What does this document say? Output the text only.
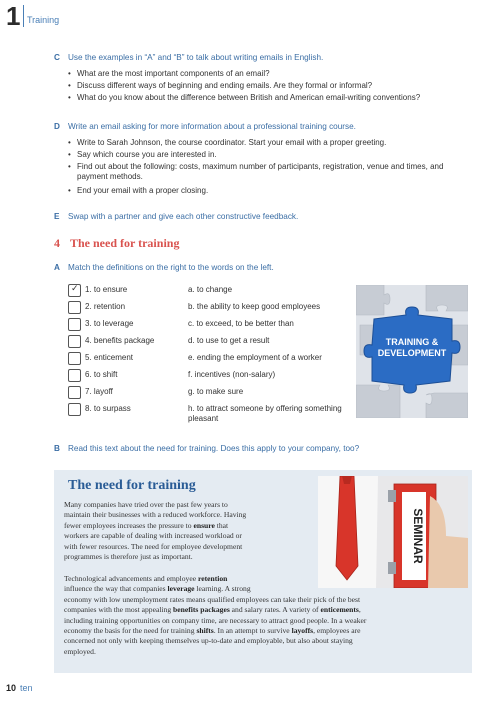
1 Training
C Use the examples in “A” and “B” to talk about writing emails in English.
• What are the most important components of an email?
• Discuss different ways of beginning and ending emails. Are they formal or informal?
• What do you know about the difference between British and American email-writing conventions?
D Write an email asking for more information about a professional training course.
• Write to Sarah Johnson, the course coordinator. Start your email with a proper greeting.
• Say which course you are interested in.
• Find out about the following: costs, maximum number of participants, registration, venue and times, and payment methods.
• End your email with a proper closing.
E Swap with a partner and give each other constructive feedback.
4 The need for training
A Match the definitions on the right to the words on the left.
✓
1. to ensure	a. to change
2. retention	b. the ability to keep good employees
3. to leverage	c. to exceed, to be better than
4. benefits package	d. to use to get a result
5. enticement	e. ending the employment of a worker
6. to shift	f. incentives (non-salary)
7. layoff	g. to make sure
8. to surpass	h. to attract someone by offering something pleasant
TRAINING &
DEVELOPMENT
B Read this text about the need for training. Does this apply to your company, too?
The need for training
SEMINAR
Many companies have tried over the past few years to
maintain their businesses with a reduced workforce. Having
fewer employees increases the pressure to ensure that
workers are capable of dealing with increased workload or
with fewer resources. The need for employee development
programmes is therefore just as important.
Technological advancements and employee retention
influence the way that companies leverage learning. A strong
economy with low unemployment rates means qualified employees can take their pick of the best
companies with the most appealing benefits packages and salary rates. A variety of enticements,
including training opportunities on company time, are necessary to attract good people. In a weaker
economy the basis for the need for training shifts. In an attempt to survive layoffs, employees are
concerned not only with keeping themselves up-to-date and employable, but also about staying
employed.
10 ten
